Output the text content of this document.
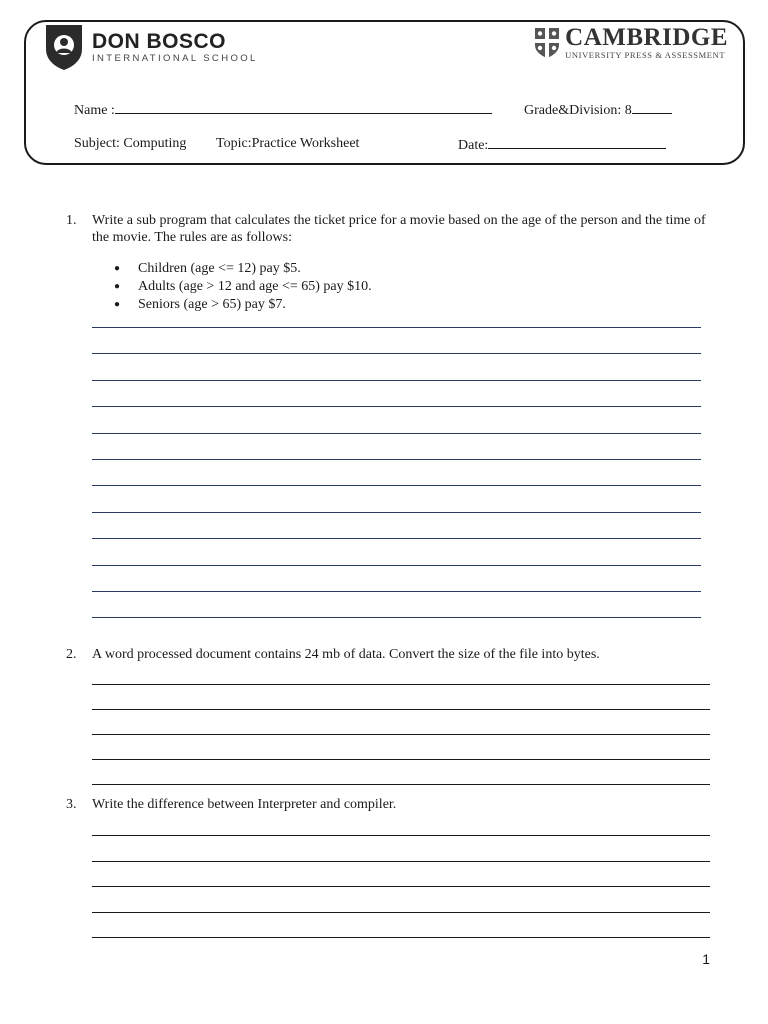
DON BOSCO
INTERNATIONAL SCHOOL
CAMBRIDGE
UNIVERSITY PRESS & ASSESSMENT
Name :	Grade&Division: 8
Subject: Computing Topic:Practice Worksheet	Date:
1.	Write a sub program that calculates the ticket price for a movie based on the age of the person and the time of the movie. The rules are as follows:
● Children (age <= 12) pay $5.
● Adults (age > 12 and age <= 65) pay $10.
● Seniors (age > 65) pay $7.
2.	A word processed document contains 24 mb of data. Convert the size of the file into bytes.
3.	Write the difference between Interpreter and compiler.
1
